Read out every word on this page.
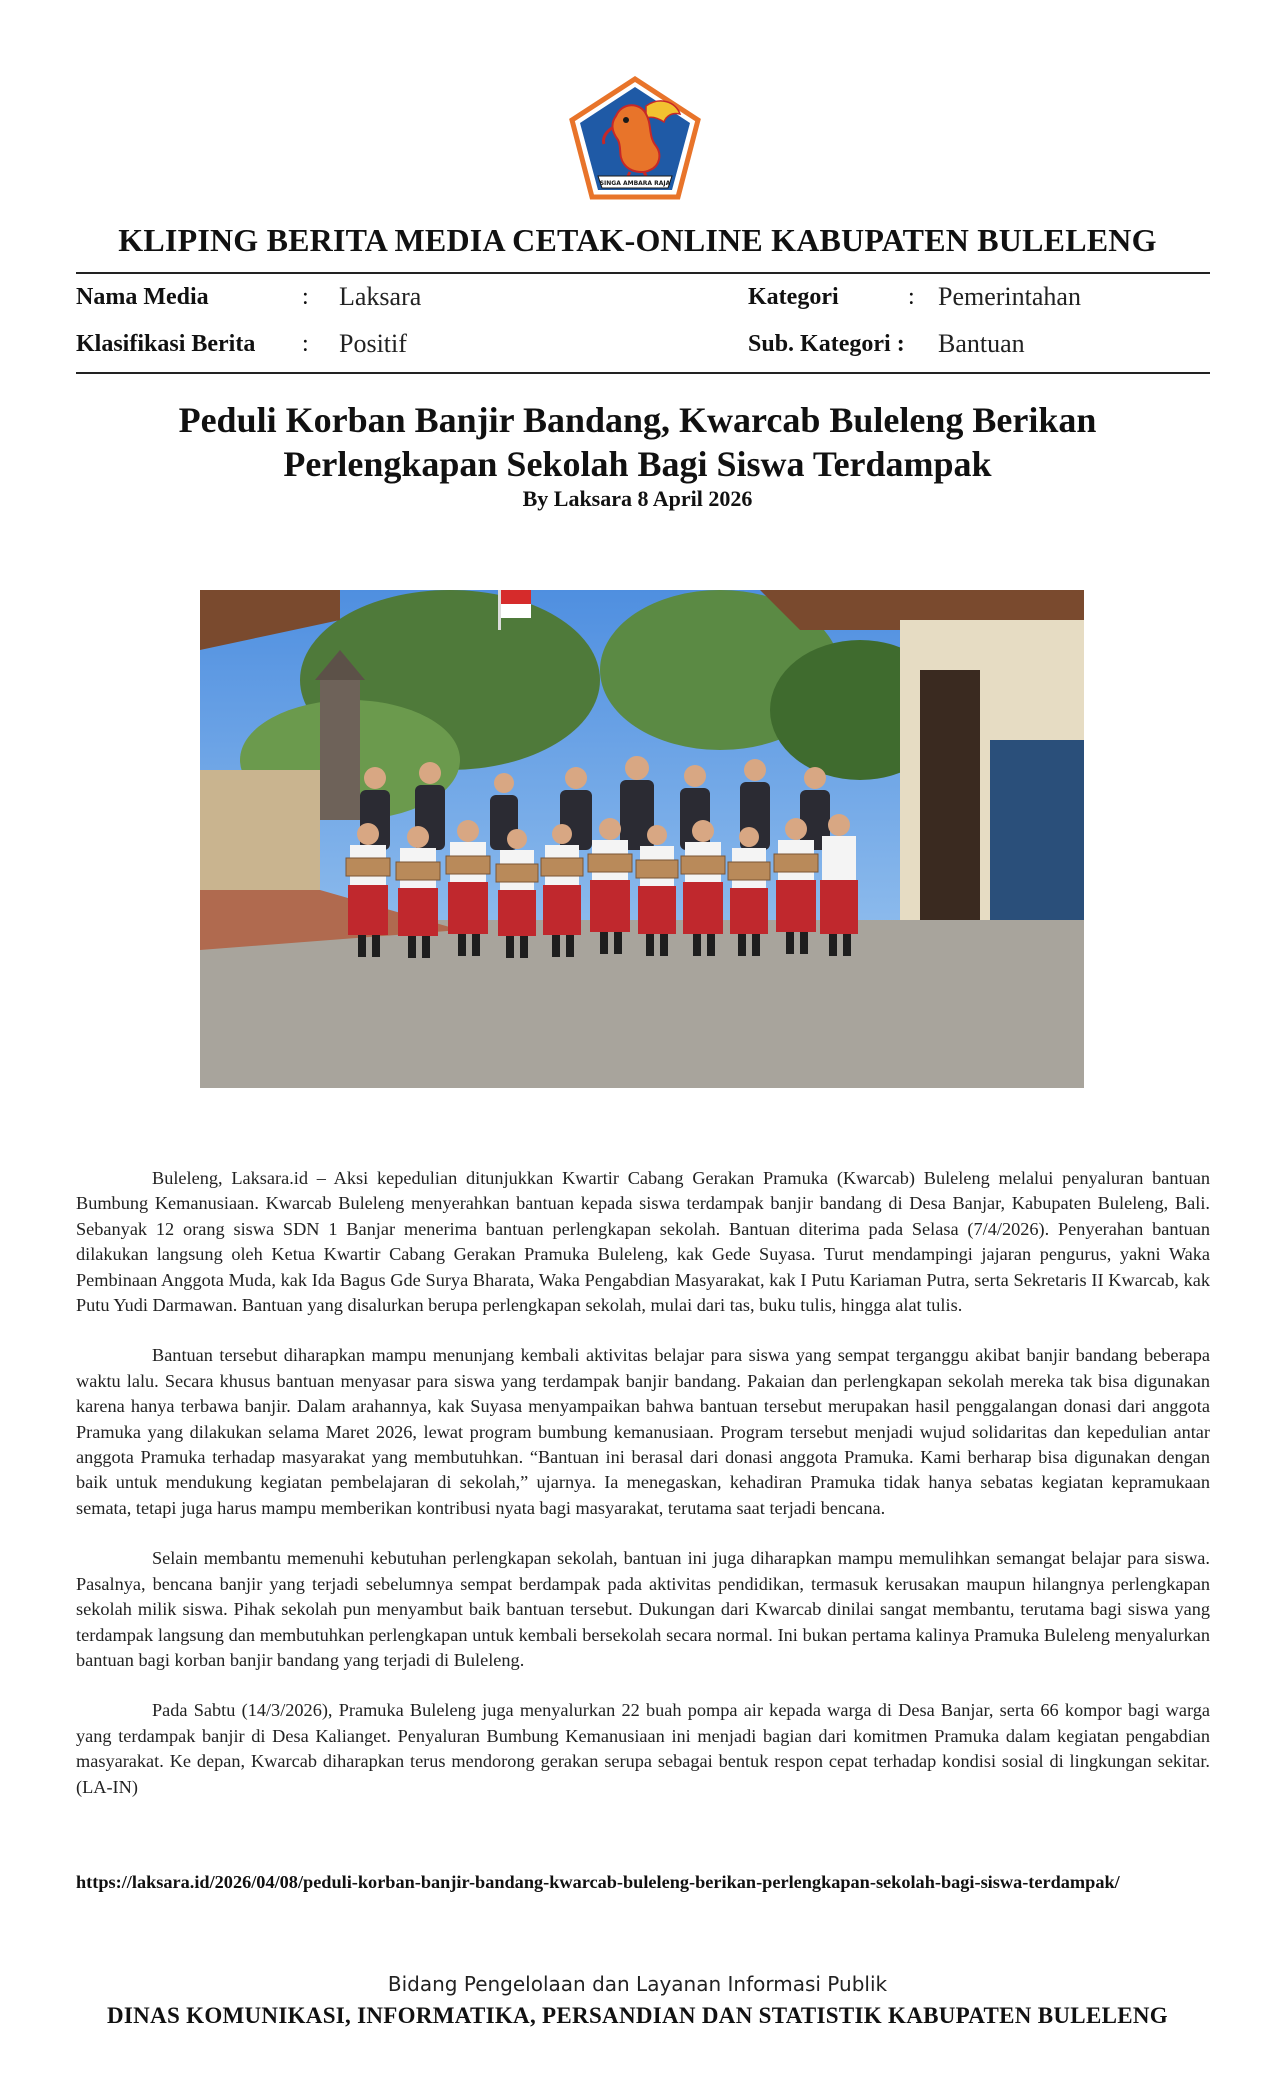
SINGA AMBARA RAJA
KLIPING BERITA MEDIA CETAK-ONLINE KABUPATEN BULELENG
Nama Media	: Laksara	Kategori	: Pemerintahan
Klasifikasi Berita : Positif	Sub. Kategori : Bantuan
Peduli Korban Banjir Bandang, Kwarcab Buleleng Berikan
Perlengkapan Sekolah Bagi Siswa Terdampak
By Laksara 8 April 2026

Buleleng, Laksara.id – Aksi kepedulian ditunjukkan Kwartir Cabang Gerakan Pramuka (Kwarcab) Buleleng melalui penyaluran bantuan Bumbung Kemanusiaan. Kwarcab Buleleng menyerahkan bantuan kepada siswa terdampak banjir bandang di Desa Banjar, Kabupaten Buleleng, Bali. Sebanyak 12 orang siswa SDN 1 Banjar menerima bantuan perlengkapan sekolah. Bantuan diterima pada Selasa (7/4/2026). Penyerahan bantuan dilakukan langsung oleh Ketua Kwartir Cabang Gerakan Pramuka Buleleng, kak Gede Suyasa. Turut mendampingi jajaran pengurus, yakni Waka Pembinaan Anggota Muda, kak Ida Bagus Gde Surya Bharata, Waka Pengabdian Masyarakat, kak I Putu Kariaman Putra, serta Sekretaris II Kwarcab, kak Putu Yudi Darmawan. Bantuan yang disalurkan berupa perlengkapan sekolah, mulai dari tas, buku tulis, hingga alat tulis.

Bantuan tersebut diharapkan mampu menunjang kembali aktivitas belajar para siswa yang sempat terganggu akibat banjir bandang beberapa waktu lalu. Secara khusus bantuan menyasar para siswa yang terdampak banjir bandang. Pakaian dan perlengkapan sekolah mereka tak bisa digunakan karena hanya terbawa banjir. Dalam arahannya, kak Suyasa menyampaikan bahwa bantuan tersebut merupakan hasil penggalangan donasi dari anggota Pramuka yang dilakukan selama Maret 2026, lewat program bumbung kemanusiaan. Program tersebut menjadi wujud solidaritas dan kepedulian antar anggota Pramuka terhadap masyarakat yang membutuhkan. “Bantuan ini berasal dari donasi anggota Pramuka. Kami berharap bisa digunakan dengan baik untuk mendukung kegiatan pembelajaran di sekolah,” ujarnya. Ia menegaskan, kehadiran Pramuka tidak hanya sebatas kegiatan kepramukaan semata, tetapi juga harus mampu memberikan kontribusi nyata bagi masyarakat, terutama saat terjadi bencana.

Selain membantu memenuhi kebutuhan perlengkapan sekolah, bantuan ini juga diharapkan mampu memulihkan semangat belajar para siswa. Pasalnya, bencana banjir yang terjadi sebelumnya sempat berdampak pada aktivitas pendidikan, termasuk kerusakan maupun hilangnya perlengkapan sekolah milik siswa. Pihak sekolah pun menyambut baik bantuan tersebut. Dukungan dari Kwarcab dinilai sangat membantu, terutama bagi siswa yang terdampak langsung dan membutuhkan perlengkapan untuk kembali bersekolah secara normal. Ini bukan pertama kalinya Pramuka Buleleng menyalurkan bantuan bagi korban banjir bandang yang terjadi di Buleleng.

Pada Sabtu (14/3/2026), Pramuka Buleleng juga menyalurkan 22 buah pompa air kepada warga di Desa Banjar, serta 66 kompor bagi warga yang terdampak banjir di Desa Kalianget. Penyaluran Bumbung Kemanusiaan ini menjadi bagian dari komitmen Pramuka dalam kegiatan pengabdian masyarakat. Ke depan, Kwarcab diharapkan terus mendorong gerakan serupa sebagai bentuk respon cepat terhadap kondisi sosial di lingkungan sekitar. (LA-IN)

https://laksara.id/2026/04/08/peduli-korban-banjir-bandang-kwarcab-buleleng-berikan-perlengkapan-sekolah-bagi-siswa-terdampak/
Bidang Pengelolaan dan Layanan Informasi Publik
DINAS KOMUNIKASI, INFORMATIKA, PERSANDIAN DAN STATISTIK KABUPATEN BULELENG
